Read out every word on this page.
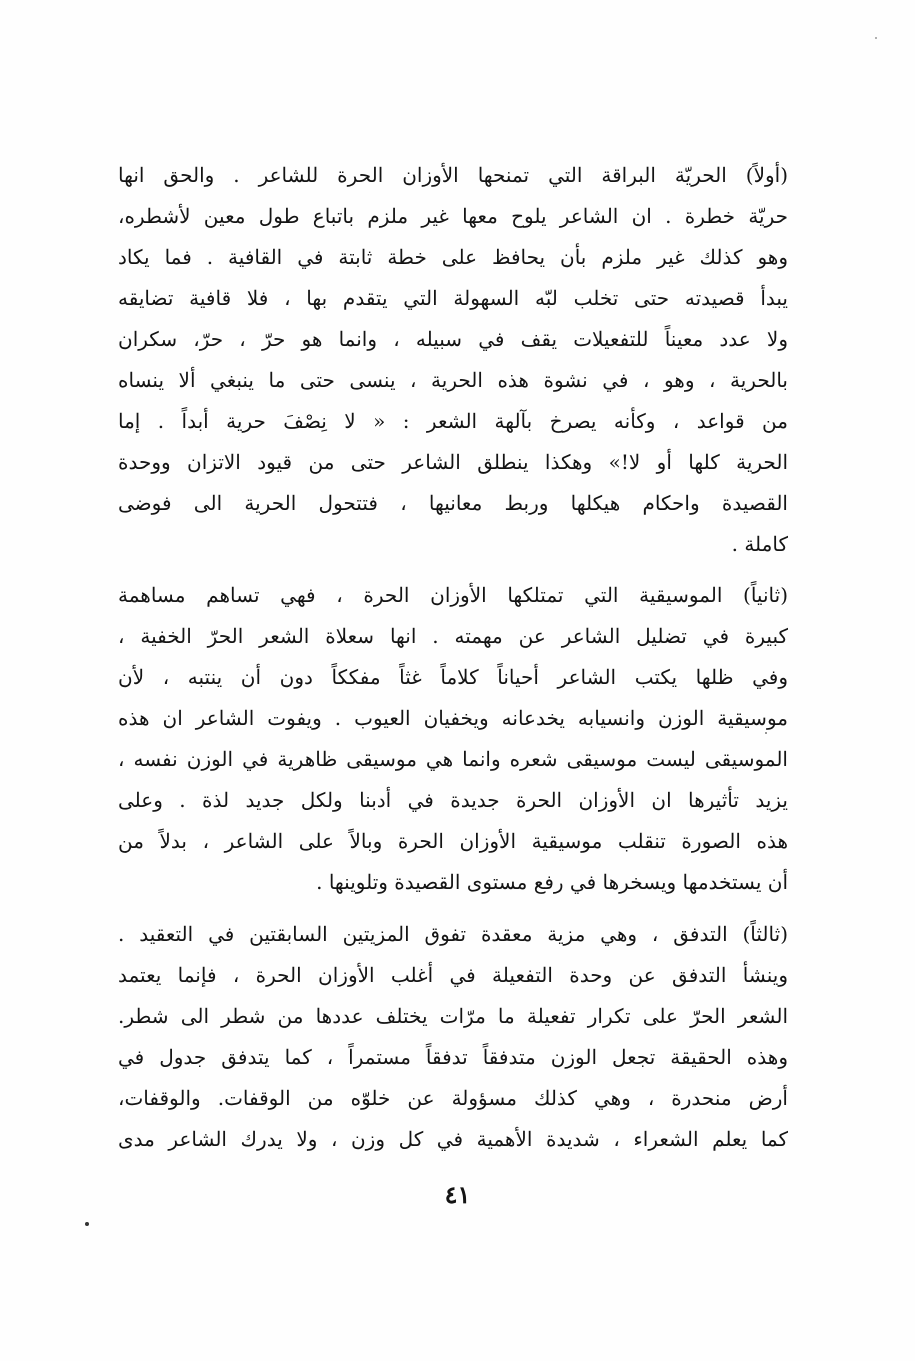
(أولاً) الحريّة البراقة التي تمنحها الأوزان الحرة للشاعر . والحق انها
حريّة خطرة . ان الشاعر يلوح معها غير ملزم باتباع طول معين لأشطره،
وهو كذلك غير ملزم بأن يحافظ على خطة ثابتة في القافية . فما يكاد
يبدأ قصيدته حتى تخلب لبّه السهولة التي يتقدم بها ، فلا قافية تضايقه
ولا عدد معيناً للتفعيلات يقف في سبيله ، وانما هو حرّ ، حرّ، سكران
بالحرية ، وهو ، في نشوة هذه الحرية ، ينسى حتى ما ينبغي ألا ينساه
من قواعد ، وكأنه يصرخ بآلهة الشعر : « لا نِصْفَ حرية أبداً . إما
الحرية كلها أو لا!» وهكذا ينطلق الشاعر حتى من قيود الاتزان ووحدة
القصيدة واحكام هيكلها وربط معانيها ، فتتحول الحرية الى فوضى
كاملة .
(ثانياً) الموسيقية التي تمتلكها الأوزان الحرة ، فهي تساهم مساهمة
كبيرة في تضليل الشاعر عن مهمته . انها سعلاة الشعر الحرّ الخفية ،
وفي ظلها يكتب الشاعر أحياناً كلاماً غثاً مفككاً دون أن ينتبه ، لأن
موسيقية الوزن وانسيابه يخدعانه ويخفيان العيوب . ويفوت الشاعر ان هذه
الموسيقى ليست موسيقى شعره وانما هي موسيقى ظاهرية في الوزن نفسه ،
يزيد تأثيرها ان الأوزان الحرة جديدة في أدبنا ولكل جديد لذة . وعلى
هذه الصورة تنقلب موسيقية الأوزان الحرة وبالاً على الشاعر ، بدلاً من
أن يستخدمها ويسخرها في رفع مستوى القصيدة وتلوينها .
(ثالثاً) التدفق ، وهي مزية معقدة تفوق المزيتين السابقتين في التعقيد .
وينشأ التدفق عن وحدة التفعيلة في أغلب الأوزان الحرة ، فإنما يعتمد
الشعر الحرّ على تكرار تفعيلة ما مرّات يختلف عددها من شطر الى شطر.
وهذه الحقيقة تجعل الوزن متدفقاً تدفقاً مستمراً ، كما يتدفق جدول في
أرض منحدرة ، وهي كذلك مسؤولة عن خلوّه من الوقفات. والوقفات،
كما يعلم الشعراء ، شديدة الأهمية في كل وزن ، ولا يدرك الشاعر مدى
٤١
